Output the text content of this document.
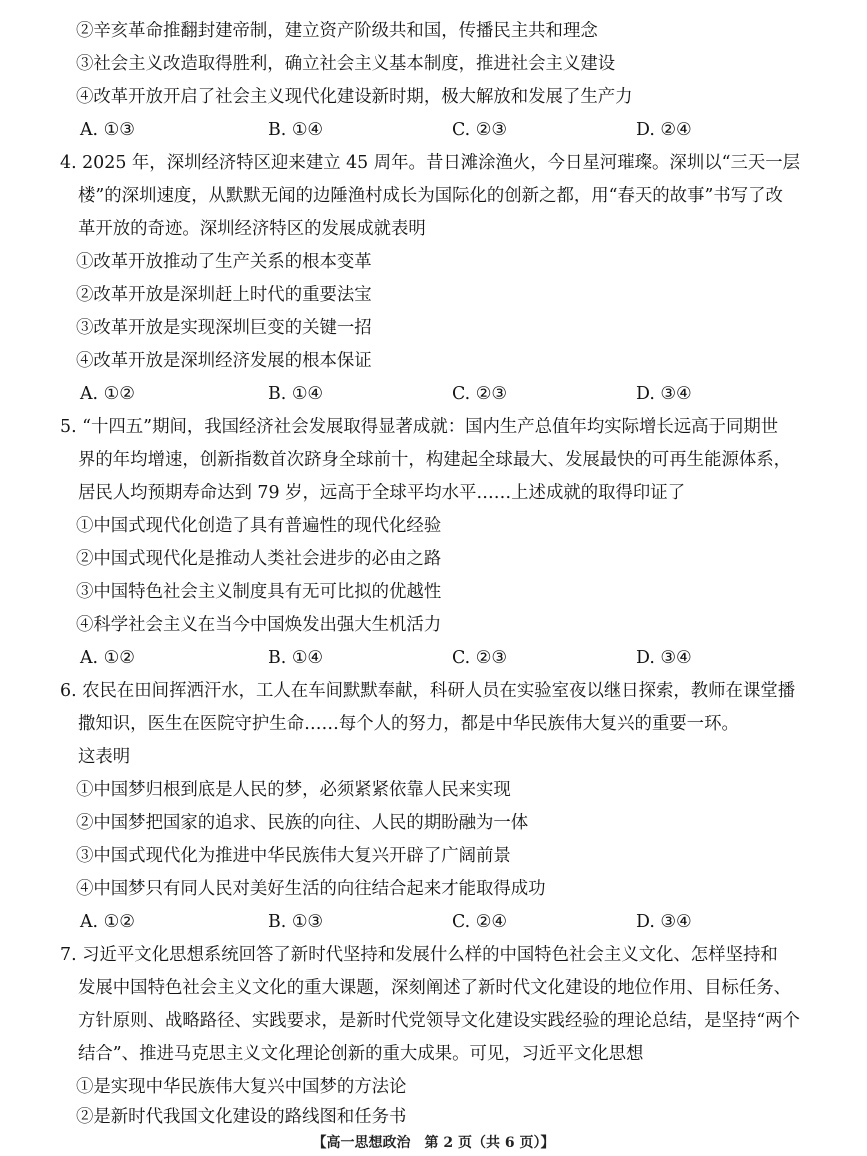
②辛亥革命推翻封建帝制，建立资产阶级共和国，传播民主共和理念
③社会主义改造取得胜利，确立社会主义基本制度，推进社会主义建设
④改革开放开启了社会主义现代化建设新时期，极大解放和发展了生产力
A. ①③	B. ①④	C. ②③	D. ②④
4. 2025 年，深圳经济特区迎来建立 45 周年。昔日滩涂渔火，今日星河璀璨。深圳以“三天一层
楼”的深圳速度，从默默无闻的边陲渔村成长为国际化的创新之都，用“春天的故事”书写了改
革开放的奇迹。深圳经济特区的发展成就表明
①改革开放推动了生产关系的根本变革
②改革开放是深圳赶上时代的重要法宝
③改革开放是实现深圳巨变的关键一招
④改革开放是深圳经济发展的根本保证
A. ①②	B. ①④	C. ②③	D. ③④
5. “十四五”期间，我国经济社会发展取得显著成就：国内生产总值年均实际增长远高于同期世
界的年均增速，创新指数首次跻身全球前十，构建起全球最大、发展最快的可再生能源体系，
居民人均预期寿命达到 79 岁，远高于全球平均水平……上述成就的取得印证了
①中国式现代化创造了具有普遍性的现代化经验
②中国式现代化是推动人类社会进步的必由之路
③中国特色社会主义制度具有无可比拟的优越性
④科学社会主义在当今中国焕发出强大生机活力
A. ①②	B. ①④	C. ②③	D. ③④
6. 农民在田间挥洒汗水，工人在车间默默奉献，科研人员在实验室夜以继日探索，教师在课堂播
撒知识，医生在医院守护生命……每个人的努力，都是中华民族伟大复兴的重要一环。
这表明
①中国梦归根到底是人民的梦，必须紧紧依靠人民来实现
②中国梦把国家的追求、民族的向往、人民的期盼融为一体
③中国式现代化为推进中华民族伟大复兴开辟了广阔前景
④中国梦只有同人民对美好生活的向往结合起来才能取得成功
A. ①②	B. ①③	C. ②④	D. ③④
7. 习近平文化思想系统回答了新时代坚持和发展什么样的中国特色社会主义文化、怎样坚持和
发展中国特色社会主义文化的重大课题，深刻阐述了新时代文化建设的地位作用、目标任务、
方针原则、战略路径、实践要求，是新时代党领导文化建设实践经验的理论总结，是坚持“两个
结合”、推进马克思主义文化理论创新的重大成果。可见，习近平文化思想
①是实现中华民族伟大复兴中国梦的方法论
②是新时代我国文化建设的路线图和任务书
【高一思想政治　第 2 页（共 6 页）】
